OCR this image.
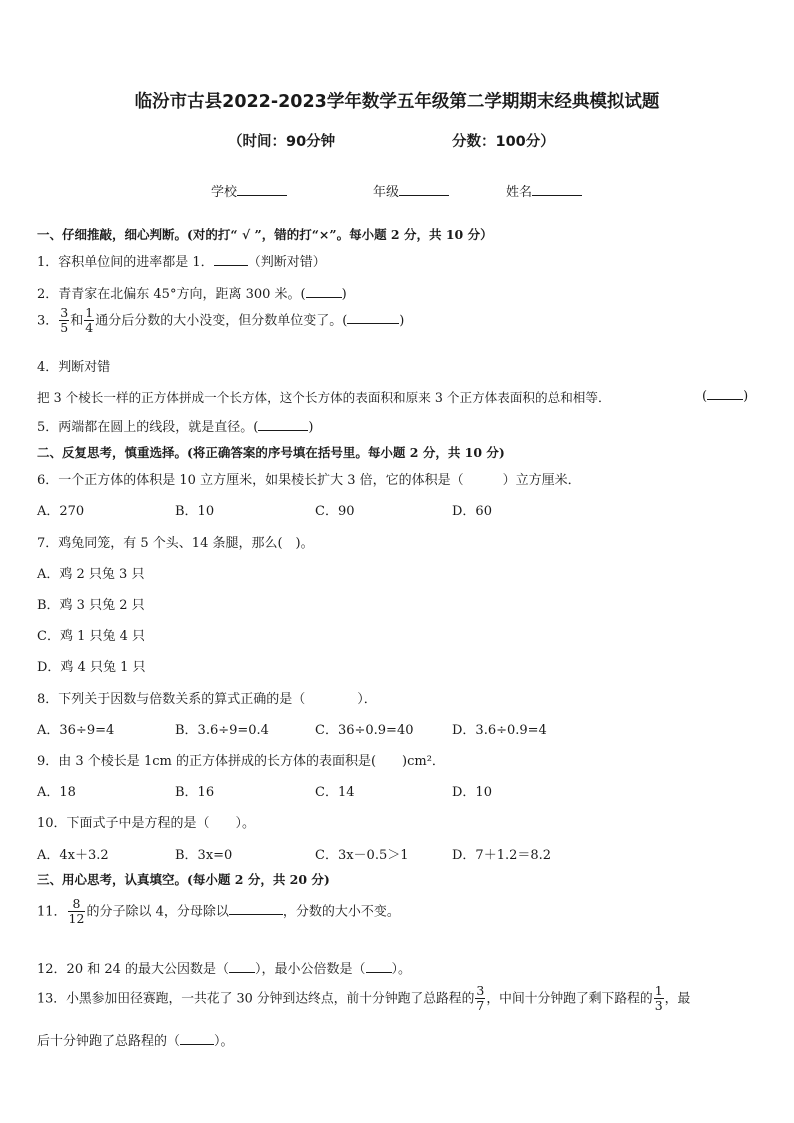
临汾市古县2022-2023学年数学五年级第二学期期末经典模拟试题
（时间：90分钟	分数：100分）
学校	年级	姓名
一、仔细推敲，细心判断。(对的打“ √ ”，错的打“×”。每小题 2 分，共 10 分）
1．容积单位间的进率都是 1．	（判断对错）
2．青青家在北偏东 45°方向，距离 300 米。(	)
3． $\frac{3}{5}$ 和 $\frac{1}{4}$ 通分后分数的大小没变，但分数单位变了。(	)
4．判断对错
把 3 个棱长一样的正方体拼成一个长方体，这个长方体的表面积和原来 3 个正方体表面积的总和相等．	(	)
5．两端都在圆上的线段，就是直径。(	)
二、反复思考，慎重选择。(将正确答案的序号填在括号里。每小题 2 分，共 10 分)
6．一个正方体的体积是 10 立方厘米，如果棱长扩大 3 倍，它的体积是（　　　）立方厘米．
A．270	B．10	C．90	D．60
7．鸡兔同笼，有 5 个头、14 条腿，那么(　)。
A．鸡 2 只兔 3 只
B．鸡 3 只兔 2 只
C．鸡 1 只兔 4 只
D．鸡 4 只兔 1 只
8．下列关于因数与倍数关系的算式正确的是（　　　　）．
A．36÷9=4	B．3.6÷9=0.4	C．36÷0.9=40	D．3.6÷0.9=4
9．由 3 个棱长是 1cm 的正方体拼成的长方体的表面积是(　　)cm²．
A．18	B．16	C．14	D．10
10．下面式子中是方程的是（　　）。
A．4x＋3.2	B．3x=0	C．3x－0.5＞1	D．7＋1.2＝8.2
三、用心思考，认真填空。(每小题 2 分，共 20 分)
11． $\frac{8}{12}$ 的分子除以 4，分母除以	，分数的大小不变。
12．20 和 24 的最大公因数是（ ），最小公倍数是（ ）。
13．小黑参加田径赛跑，一共花了 30 分钟到达终点，前十分钟跑了总路程的 $\frac{3}{7}$ ，中间十分钟跑了剩下路程的 $\frac{1}{3}$ ，最
后十分钟跑了总路程的（	）。
